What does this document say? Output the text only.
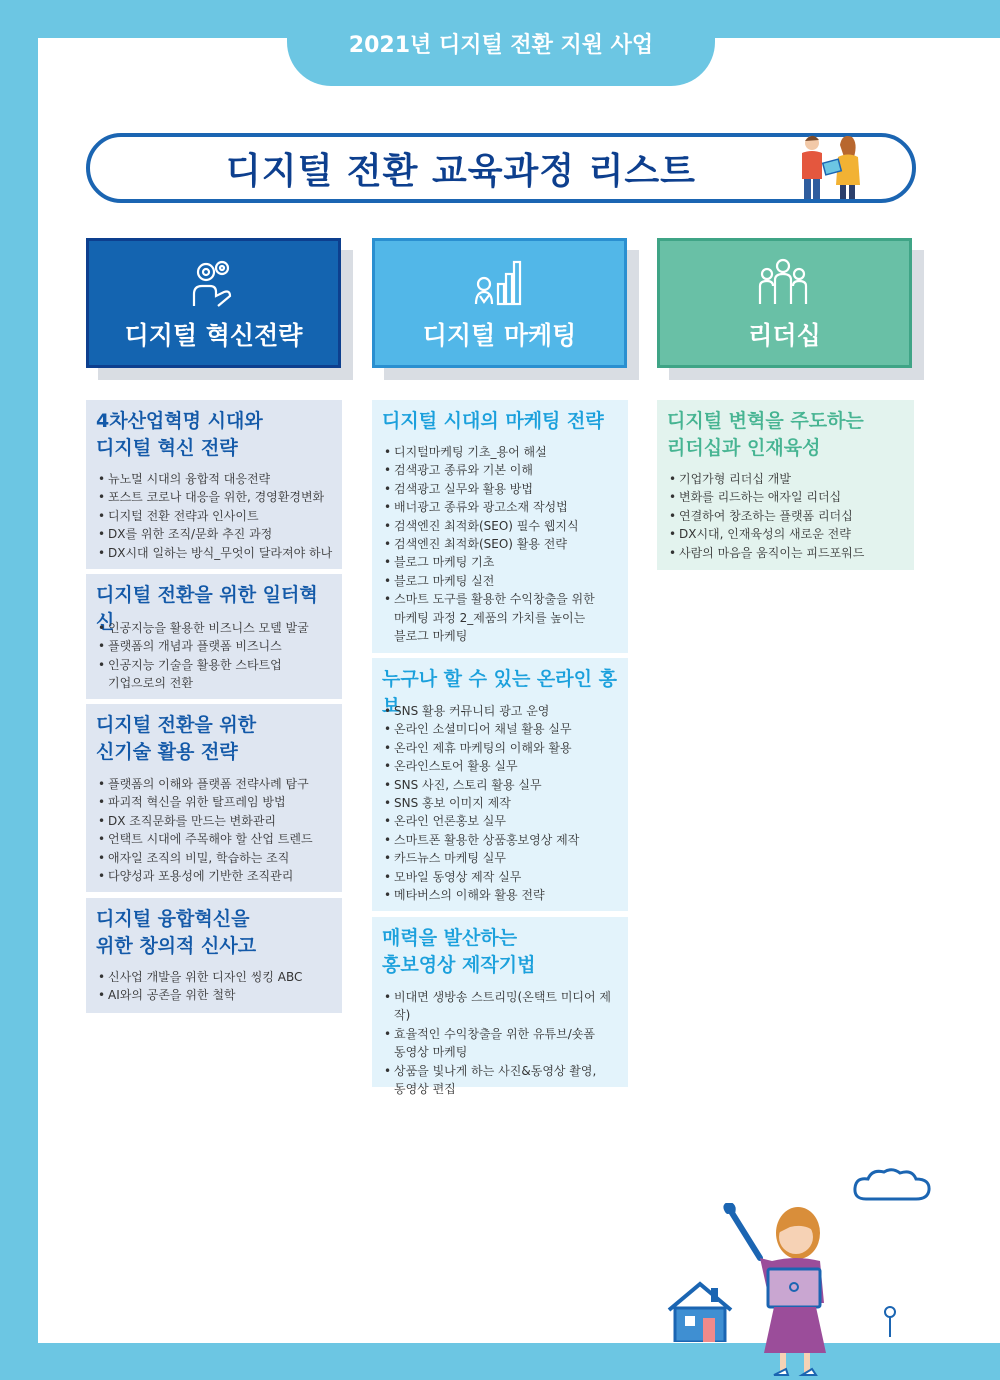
2021년 디지털 전환 지원 사업
디지털 전환 교육과정 리스트
디지털 혁신전략	디지털 마케팅	리더십
4차산업혁명 시대와
디지털 혁신 전략
• 뉴노멀 시대의 융합적 대응전략
• 포스트 코로나 대응을 위한, 경영환경변화
• 디지털 전환 전략과 인사이트
• DX를 위한 조직/문화 추진 과정
• DX시대 일하는 방식_무엇이 달라져야 하나
디지털 전환을 위한 일터혁신
• 인공지능을 활용한 비즈니스 모델 발굴
• 플랫폼의 개념과 플랫폼 비즈니스
• 인공지능 기술을 활용한 스타트업
기업으로의 전환
디지털 전환을 위한
신기술 활용 전략
• 플랫폼의 이해와 플랫폼 전략사례 탐구
• 파괴적 혁신을 위한 탈프레임 방법
• DX 조직문화를 만드는 변화관리
• 언택트 시대에 주목해야 할 산업 트렌드
• 애자일 조직의 비밀, 학습하는 조직
• 다양성과 포용성에 기반한 조직관리
디지털 융합혁신을
위한 창의적 신사고
• 신사업 개발을 위한 디자인 씽킹 ABC
• AI와의 공존을 위한 철학
디지털 시대의 마케팅 전략
• 디지털마케팅 기초_용어 해설
• 검색광고 종류와 기본 이해
• 검색광고 실무와 활용 방법
• 배너광고 종류와 광고소재 작성법
• 검색엔진 최적화(SEO) 필수 웹지식
• 검색엔진 최적화(SEO) 활용 전략
• 블로그 마케팅 기초
• 블로그 마케팅 실전
• 스마트 도구를 활용한 수익창출을 위한
마케팅 과정 2_제품의 가치를 높이는
블로그 마케팅
누구나 할 수 있는 온라인 홍보
• SNS 활용 커뮤니티 광고 운영
• 온라인 소셜미디어 채널 활용 실무
• 온라인 제휴 마케팅의 이해와 활용
• 온라인스토어 활용 실무
• SNS 사진, 스토리 활용 실무
• SNS 홍보 이미지 제작
• 온라인 언론홍보 실무
• 스마트폰 활용한 상품홍보영상 제작
• 카드뉴스 마케팅 실무
• 모바일 동영상 제작 실무
• 메타버스의 이해와 활용 전략
매력을 발산하는
홍보영상 제작기법
• 비대면 생방송 스트리밍(온택트 미디어 제작)
• 효율적인 수익창출을 위한 유튜브/숏폼
동영상 마케팅
• 상품을 빛나게 하는 사진&동영상 촬영,
동영상 편집
디지털 변혁을 주도하는
리더십과 인재육성
• 기업가형 리더십 개발
• 변화를 리드하는 애자일 리더십
• 연결하여 창조하는 플랫폼 리더십
• DX시대, 인재육성의 새로운 전략
• 사람의 마음을 움직이는 피드포워드
